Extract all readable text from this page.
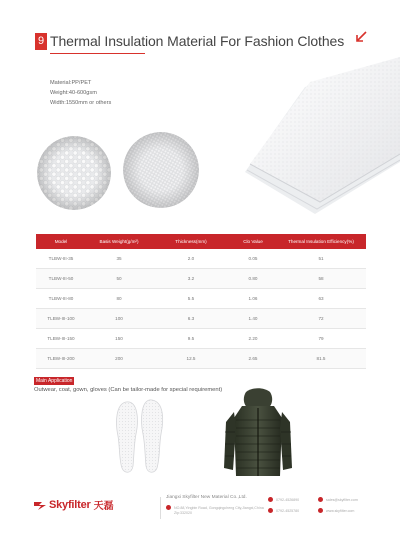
9 Thermal Insulation Material For Fashion Clothes
Material:PP/PET
Weight:40-600gsm
Width:1550mm or others
Model	Basis Weight(g/m²)	Thickness(mm)	Clo Value	Thermal Insulation Efficiency(%)
TLBW-III-35	35	2.0	0.05	51
TLBW-III-50	50	3.2	0.80	58
TLBW-III-80	80	5.5	1.06	63
TLBW-III-100	100	6.3	1.40	72
TLBW-III-150	150	9.5	2.20	79
TLBW-III-200	200	12.5	2.65	81.5
Main Application
Outwear, coat, gown, gloves (Can be tailor-made for special requirement)
Skyfilter 天磊
Jiangxi Skyfilter New Material Co.,Ltd.
NO.88,Yingbin Road, Gongqingcheng City,Jiangxi,China
Zip:332020
0792-4526890
0792-4525780
sales@skyfilter.com
www.skyfilter.com
